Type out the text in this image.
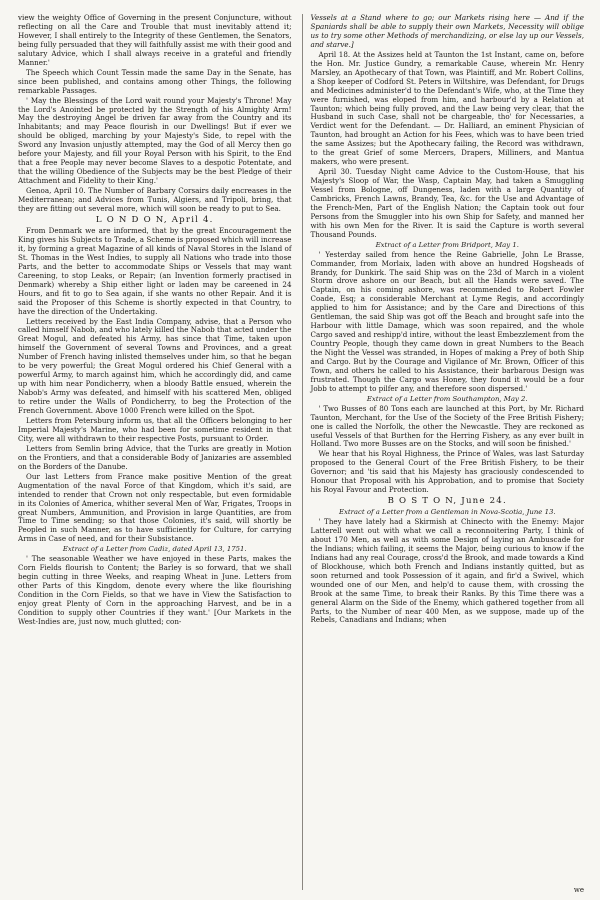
view the weighty Office of Governing in the present Conjuncture, without reflecting on all the Care and Trouble that must inevitably attend it; However, I shall entirely to the Integrity of these Gentlemen, the Senators, being fully persuaded that they will faithfully assist me with their good and salutary Advice, which I shall always receive in a grateful and friendly Manner.'

The Speech which Count Tessin made the same Day in the Senate, has since been published, and contains among other Things, the following remarkable Passages.

' May the Blessings of the Lord wait round your Majesty's Throne! May the Lord's Anointed be protected by the Strength of his Almighty Arm! May the destroying Angel be driven far away from the Country and its Inhabitants; and may Peace flourish in our Dwellings! But if ever we should be obliged, marching by your Majesty's Side, to repel with the Sword any Invasion unjustly attempted, may the God of all Mercy then go before your Majesty, and fill your Royal Person with his Spirit, to the End that a free People may never become Slaves to a despotic Potentate, and that the willing Obedience of the Subjects may be the best Pledge of their Attachment and Fidelity to their King.'

Genoa, April 10. The Number of Barbary Corsairs daily encreases in the Mediterranean; and Advices from Tunis, Algiers, and Tripoli, bring, that they are fitting out several more, which will soon be ready to put to Sea.

L O N D O N, April 4.

From Denmark we are informed, that by the great Encouragement the King gives his Subjects to Trade, a Scheme is proposed which will increase it, by forming a great Magazine of all kinds of Naval Stores in the Island of St. Thomas in the West Indies, to supply all Nations who trade into those Parts, and the better to accommodate Ships or Vessels that may want Careening, to stop Leaks, or Repair; (an Invention formerly practised in Denmark) whereby a Ship either light or laden may be careened in 24 Hours, and fit to go to Sea again, if she wants no other Repair. And it is said the Proposer of this Scheme is shortly expected in that Country, to have the direction of the Undertaking.

Letters received by the East India Company, advise, that a Person who called himself Nabob, and who lately killed the Nabob that acted under the Great Mogul, and defeated his Army, has since that Time, taken upon himself the Government of several Towns and Provinces, and a great Number of French having inlisted themselves under him, so that he began to be very powerful; the Great Mogul ordered his Chief General with a powerful Army, to march against him, which he accordingly did, and came up with him near Pondicherry, when a bloody Battle ensued, wherein the Nabob's Army was defeated, and himself with his scattered Men, obliged to retire under the Walls of Pondicherry, to beg the Protection of the French Government. Above 1000 French were killed on the Spot.

Letters from Petersburg inform us, that all the Officers belonging to her Imperial Majesty's Marine, who had been for sometime resident in that City, were all withdrawn to their respective Posts, pursuant to Order.

Letters from Semlin bring Advice, that the Turks are greatly in Motion on the Frontiers, and that a considerable Body of Janizaries are assembled on the Borders of the Danube.

Our last Letters from France make positive Mention of the great Augmentation of the naval Force of that Kingdom, which it's said, are intended to render that Crown not only respectable, but even formidable in its Colonies of America, whither several Men of War, Frigates, Troops in great Numbers, Ammunition, and Provision in large Quantities, are from Time to Time sending; so that those Colonies, it's said, will shortly be Peopled in such Manner, as to have sufficiently for Culture, for carrying Arms in Case of need, and for their Subsistance.

Extract of a Letter from Cadiz, dated April 13, 1751.

' The seasonable Weather we have enjoyed in these Parts, makes the Corn Fields flourish to Content; the Barley is so forward, that we shall begin cutting in three Weeks, and reaping Wheat in June. Letters from other Parts of this Kingdom, denote every where the like flourishing Condition in the Corn Fields, so that we have in View the Satisfaction to enjoy great Plenty of Corn in the approaching Harvest, and be in a Condition to supply other Countries if they want.' [Our Markets in the West-Indies are, just now, much glutted; con-

Vessels at a Stand where to go; our Markets rising here — And if the Spaniards shall be able to supply their own Markets, Necessity will oblige us to try some other Methods of merchandizing, or else lay up our Vessels, and starve.]

April 18. At the Assizes held at Taunton the 1st Instant, came on, before the Hon. Mr. Justice Gundry, a remarkable Cause, wherein Mr. Henry Marsley, an Apothecary of that Town, was Plaintiff, and Mr. Robert Collins, a Shop keeper of Codford St. Peters in Wiltshire, was Defendant, for Drugs and Medicines administer'd to the Defendant's Wife, who, at the Time they were furnished, was eloped from him, and harbour'd by a Relation at Taunton; which being fully proved, and the Law being very clear, that the Husband in such Case, shall not be chargeable, tho' for Necessaries, a Verdict went for the Defendant. — Dr. Halliard, an eminent Physician of Taunton, had brought an Action for his Fees, which was to have been tried the same Assizes; but the Apothecary failing, the Record was withdrawn, to the great Grief of some Mercers, Drapers, Milliners, and Mantua makers, who were present.

April 30. Tuesday Night came Advice to the Custom-House, that his Majesty's Sloop of War, the Wasp, Captain May, had taken a Smuggling Vessel from Bologne, off Dungeness, laden with a large Quantity of Cambricks, French Lawns, Brandy, Tea, &c. for the Use and Advantage of the French-Men, Part of the English Nation; the Captain took out four Persons from the Smuggler into his own Ship for Safety, and manned her with his own Men for the River. It is said the Capture is worth several Thousand Pounds.

Extract of a Letter from Bridport, May 1.

' Yesterday sailed from hence the Reine Gabrielle, John Le Brasse, Commander, from Morlaix, laden with above an hundred Hogsheads of Brandy, for Dunkirk. The said Ship was on the 23d of March in a violent Storm drove ashore on our Beach, but all the Hands were saved. The Captain, on his coming ashore, was recommended to Robert Fowler Coade, Esq; a considerable Merchant at Lyme Regis, and accordingly applied to him for Assistance; and by the Care and Directions of this Gentleman, the said Ship was got off the Beach and brought safe into the Harbour with little Damage, which was soon repaired, and the whole Cargo saved and reshipp'd intire, without the least Embezzlement from the Country People, though they came down in great Numbers to the Beach the Night the Vessel was stranded, in Hopes of making a Prey of both Ship and Cargo. But by the Courage and Vigilance of Mr. Brown, Officer of this Town, and others he called to his Assistance, their barbarous Design was frustrated. Though the Cargo was Honey, they found it would be a four Jobb to attempt to pilfer any, and therefore soon dispersed.'

Extract of a Letter from Southampton, May 2.

' Two Busses of 80 Tons each are launched at this Port, by Mr. Richard Taunton, Merchant, for the Use of the Society of the Free British Fishery; one is called the Norfolk, the other the Newcastle. They are reckoned as useful Vessels of that Burthen for the Herring Fishery, as any ever built in Holland. Two more Busses are on the Stocks, and will soon be finished.'

We hear that his Royal Highness, the Prince of Wales, was last Saturday proposed to the General Court of the Free British Fishery, to be their Governor; and 'tis said that his Majesty has graciously condescended to Honour that Proposal with his Approbation, and to promise that Society his Royal Favour and Protection.

B O S T O N, June 24.
Extract of a Letter from a Gentleman in Nova-Scotia, June 13.

' They have lately had a Skirmish at Chinecto with the Enemy: Major Latterell went out with what we call a reconnoitering Party, I think of about 170 Men, as well as with some Design of laying an Ambuscade for the Indians; which failing, it seems the Major, being curious to know if the Indians had any real Courage, cross'd the Brook, and made towards a Kind of Blockhouse, which both French and Indians instantly quitted, but as soon returned and took Possession of it again, and fir'd a Swivel, which wounded one of our Men, and help'd to cause them, with crossing the Brook at the same Time, to break their Ranks. By this Time there was a general Alarm on the Side of the Enemy, which gathered together from all Parts, to the Number of near 400 Men, as we suppose, made up of the Rebels, Canadians and Indians; when

we
